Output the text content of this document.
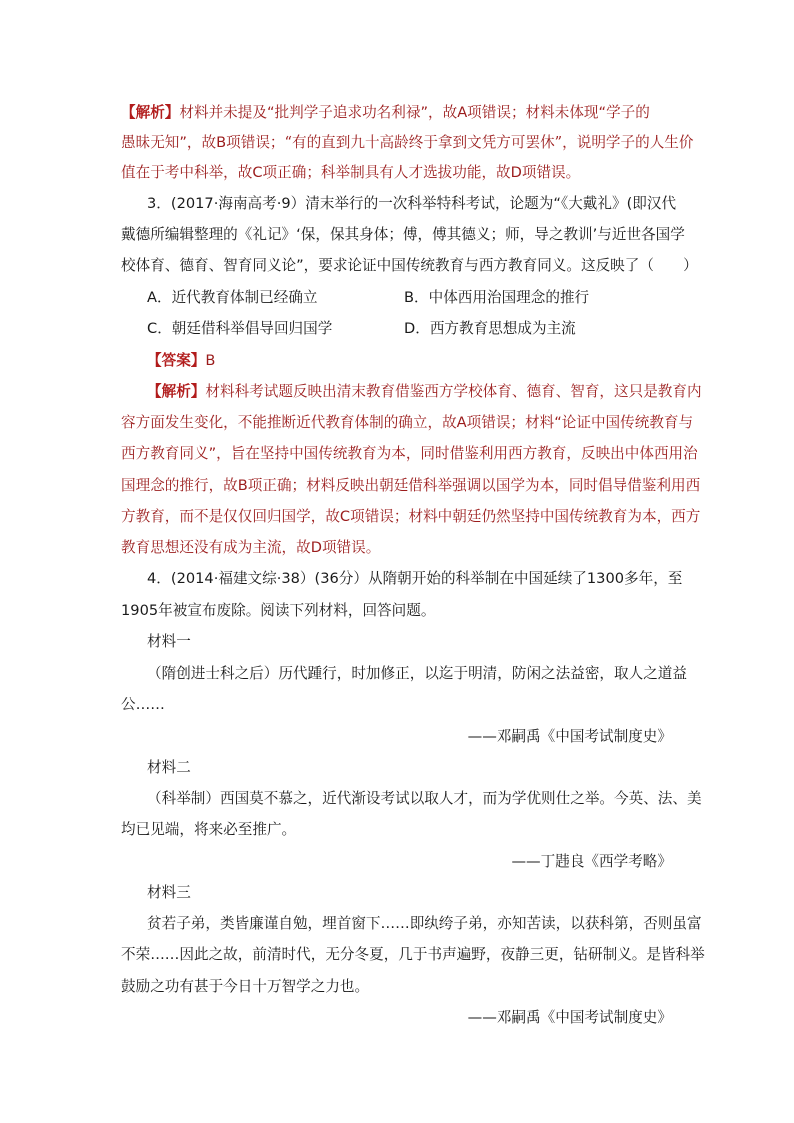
【解析】材料并未提及“批判学子追求功名利禄”，故A项错误；材料未体现“学子的
愚昧无知”，故B项错误；“有的直到九十高龄终于拿到文凭方可罢休”，说明学子的人生价
值在于考中科举，故C项正确；科举制具有人才选拔功能，故D项错误。
3．(2017·海南高考·9）清末举行的一次科举特科考试，论题为“《大戴礼》(即汉代
戴德所编辑整理的《礼记》‘保，保其身体；傅，傅其德义；师，导之教训’与近世各国学
校体育、德育、智育同义论”，要求论证中国传统教育与西方教育同义。这反映了（　　）
A．近代教育体制已经确立	B．中体西用治国理念的推行
C．朝廷借科举倡导回归国学	D．西方教育思想成为主流
【答案】B
【解析】材料科考试题反映出清末教育借鉴西方学校体育、德育、智育，这只是教育内
容方面发生变化，不能推断近代教育体制的确立，故A项错误；材料“论证中国传统教育与
西方教育同义”，旨在坚持中国传统教育为本，同时借鉴利用西方教育，反映出中体西用治
国理念的推行，故B项正确；材料反映出朝廷借科举强调以国学为本，同时倡导借鉴利用西
方教育，而不是仅仅回归国学，故C项错误；材料中朝廷仍然坚持中国传统教育为本，西方
教育思想还没有成为主流，故D项错误。
4．(2014·福建文综·38）(36分）从隋朝开始的科举制在中国延续了1300多年，至
1905年被宣布废除。阅读下列材料，回答问题。
材料一
（隋创进士科之后）历代踵行，时加修正，以迄于明清，防闲之法益密，取人之道益
公……
——邓嗣禹《中国考试制度史》
材料二
（科举制）西国莫不慕之，近代渐设考试以取人才，而为学优则仕之举。今英、法、美
均已见端，将来必至推广。
——丁韪良《西学考略》
材料三
贫若子弟，类皆廉谨自勉，埋首窗下……即纨绔子弟，亦知苦读，以获科第，否则虽富
不荣……因此之故，前清时代，无分冬夏，几于书声遍野，夜静三更，钻研制义。是皆科举
鼓励之功有甚于今日十万智学之力也。
——邓嗣禹《中国考试制度史》
